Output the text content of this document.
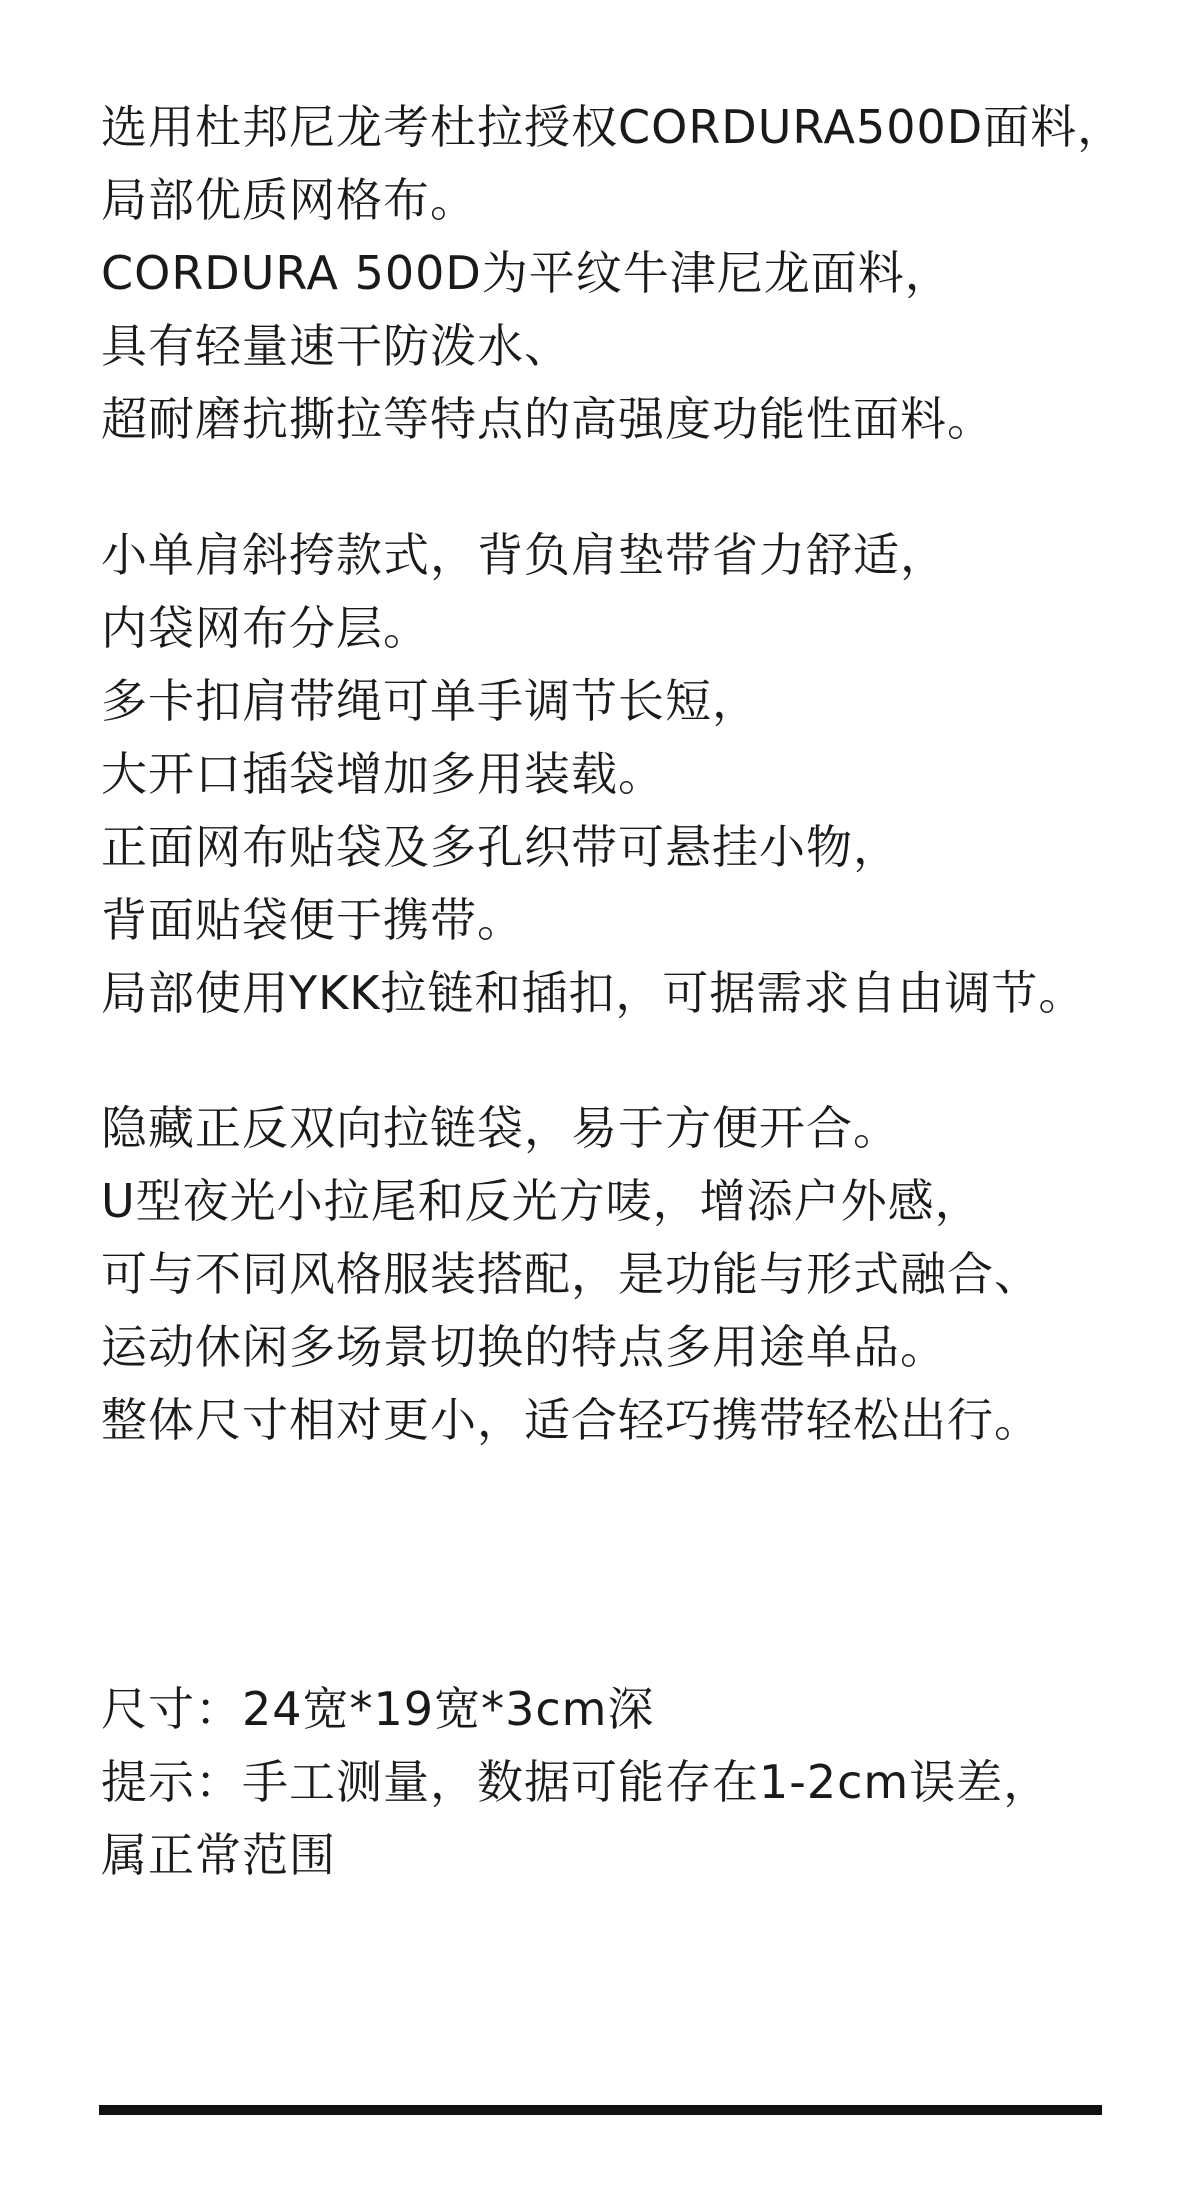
选用杜邦尼龙考杜拉授权CORDURA500D面料，
局部优质网格布。
CORDURA 500D为平纹牛津尼龙面料，
具有轻量速干防泼水、
超耐磨抗撕拉等特点的高强度功能性面料。
小单肩斜挎款式，背负肩垫带省力舒适，
内袋网布分层。
多卡扣肩带绳可单手调节长短，
大开口插袋增加多用装载。
正面网布贴袋及多孔织带可悬挂小物，
背面贴袋便于携带。
局部使用YKK拉链和插扣，可据需求自由调节。
隐藏正反双向拉链袋，易于方便开合。
U型夜光小拉尾和反光方唛，增添户外感，
可与不同风格服装搭配，是功能与形式融合、
运动休闲多场景切换的特点多用途单品。
整体尺寸相对更小，适合轻巧携带轻松出行。
尺寸：24宽*19宽*3cm深
提示：手工测量，数据可能存在1-2cm误差，
属正常范围
